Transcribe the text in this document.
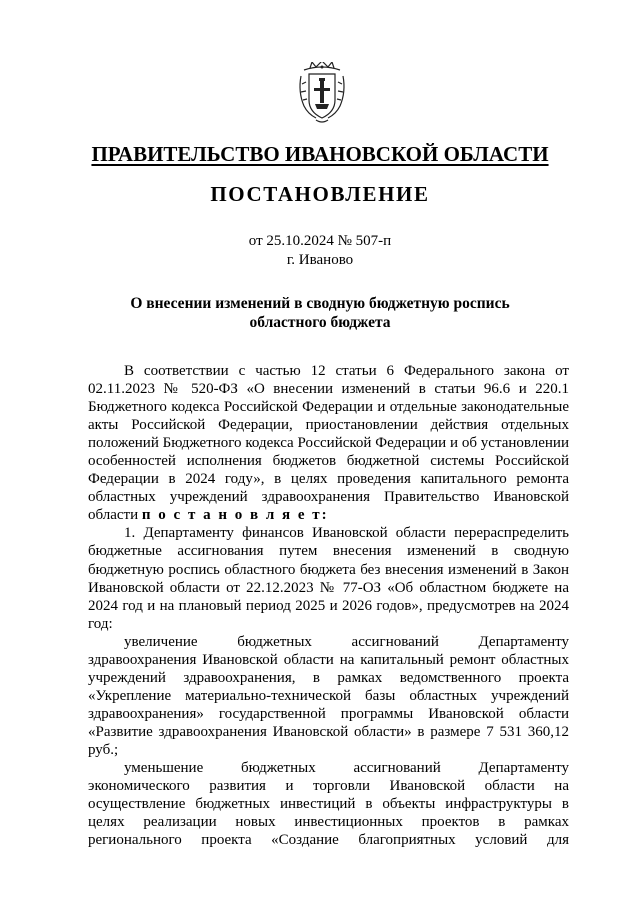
ПРАВИТЕЛЬСТВО ИВАНОВСКОЙ ОБЛАСТИ
ПОСТАНОВЛЕНИЕ
от 25.10.2024 № 507-п
г. Иваново
О внесении изменений в сводную бюджетную роспись
областного бюджета

В соответствии с частью 12 статьи 6 Федерального закона от 02.11.2023 № 520-ФЗ «О внесении изменений в статьи 96.6 и 220.1 Бюджетного кодекса Российской Федерации и отдельные законодательные акты Российской Федерации, приостановлении действия отдельных положений Бюджетного кодекса Российской Федерации и об установлении особенностей исполнения бюджетов бюджетной системы Российской Федерации в 2024 году», в целях проведения капитального ремонта областных учреждений здравоохранения Правительство Ивановской области п о с т а н о в л я е т:

1. Департаменту финансов Ивановской области перераспределить бюджетные ассигнования путем внесения изменений в сводную бюджетную роспись областного бюджета без внесения изменений в Закон Ивановской области от 22.12.2023 № 77-ОЗ «Об областном бюджете на 2024 год и на плановый период 2025 и 2026 годов», предусмотрев на 2024 год:

увеличение бюджетных ассигнований Департаменту здравоохранения Ивановской области на капитальный ремонт областных учреждений здравоохранения, в рамках ведомственного проекта «Укрепление материально-технической базы областных учреждений здравоохранения» государственной программы Ивановской области «Развитие здравоохранения Ивановской области» в размере 7 531 360,12 руб.;

уменьшение бюджетных ассигнований Департаменту экономического развития и торговли Ивановской области на осуществление бюджетных инвестиций в объекты инфраструктуры в целях реализации новых инвестиционных проектов в рамках регионального проекта «Создание благоприятных условий для
